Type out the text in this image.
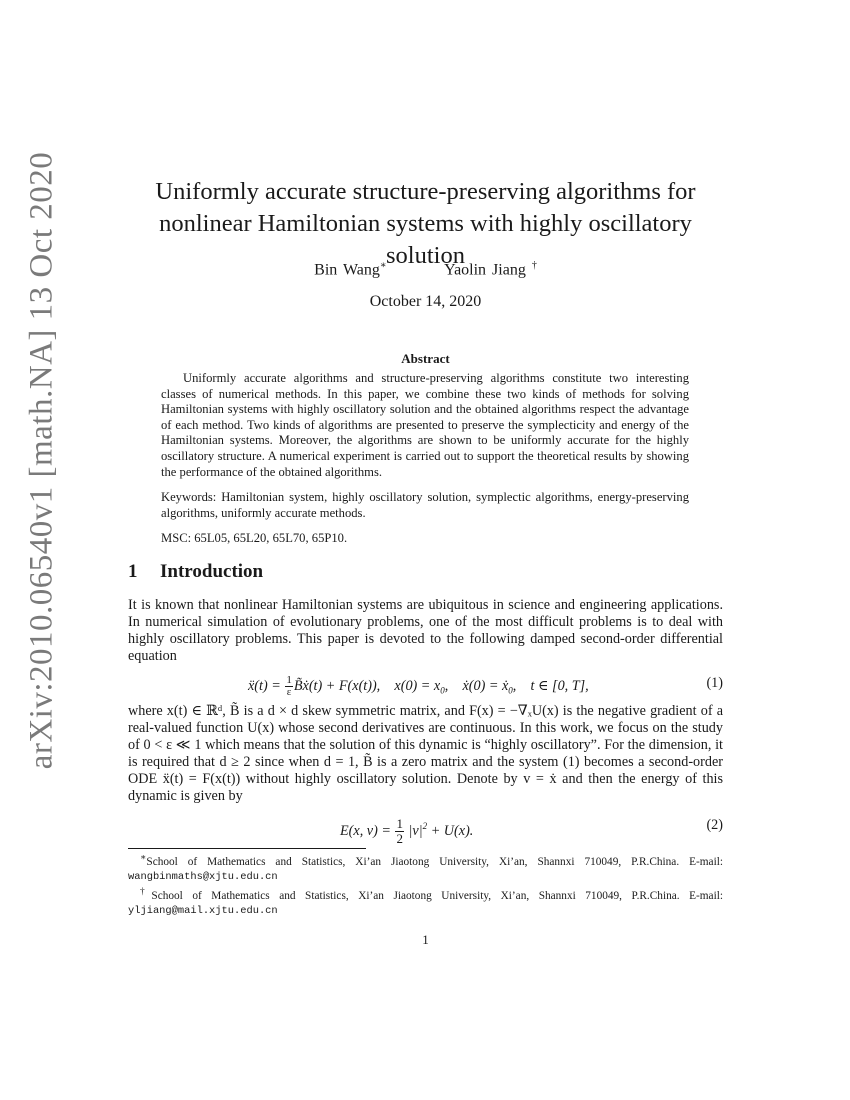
arXiv:2010.06540v1 [math.NA] 13 Oct 2020	Uniformly accurate structure-preserving algorithms for
nonlinear Hamiltonian systems with highly oscillatory solution
Bin Wang∗	Yaolin Jiang †
October 14, 2020
Abstract

Uniformly accurate algorithms and structure-preserving algorithms constitute two interesting classes of numerical methods. In this paper, we combine these two kinds of methods for solving Hamiltonian systems with highly oscillatory solution and the obtained algorithms respect the advantage of each method. Two kinds of algorithms are presented to preserve the symplecticity and energy of the Hamiltonian systems. Moreover, the algorithms are shown to be uniformly accurate for the highly oscillatory structure. A numerical experiment is carried out to support the theoretical results by showing the performance of the obtained algorithms.

Keywords: Hamiltonian system, highly oscillatory solution, symplectic algorithms, energy-preserving algorithms, uniformly accurate methods.

MSC: 65L05, 65L20, 65L70, 65P10.

1 Introduction

It is known that nonlinear Hamiltonian systems are ubiquitous in science and engineering applications. In numerical simulation of evolutionary problems, one of the most difficult problems is to deal with highly oscillatory problems. This paper is devoted to the following damped second-order differential equation

ẍ(t) = $\frac{1}{\varepsilon}$ B̃ẋ(t) + F(x(t)),    $x(0) = x_0$,    ẋ(0) = ẋ$_0$,    t ∈ [0, T],	(1)

where x(t) ∈ ℝᵈ, B̃ is a d × d skew symmetric matrix, and F(x) = −∇ₓU(x) is the negative gradient of a real-valued function U(x) whose second derivatives are continuous. In this work, we focus on the study of 0 < ε ≪ 1 which means that the solution of this dynamic is “highly oscillatory”. For the dimension, it is required that d ≥ 2 since when d = 1, B̃ is a zero matrix and the system (1) becomes a second-order ODE ẍ(t) = F(x(t)) without highly oscillatory solution. Denote by v = ẋ and then the energy of this dynamic is given by

E(x, $v) = \frac{1}{2} |v|^2 + U(x)$.	(2)

∗School of Mathematics and Statistics, Xi’an Jiaotong University, Xi’an, Shannxi 710049, P.R.China. E-mail: wangbinmaths@xjtu.edu.cn

†School of Mathematics and Statistics, Xi’an Jiaotong University, Xi’an, Shannxi 710049, P.R.China. E-mail: yljiang@mail.xjtu.edu.cn

1
